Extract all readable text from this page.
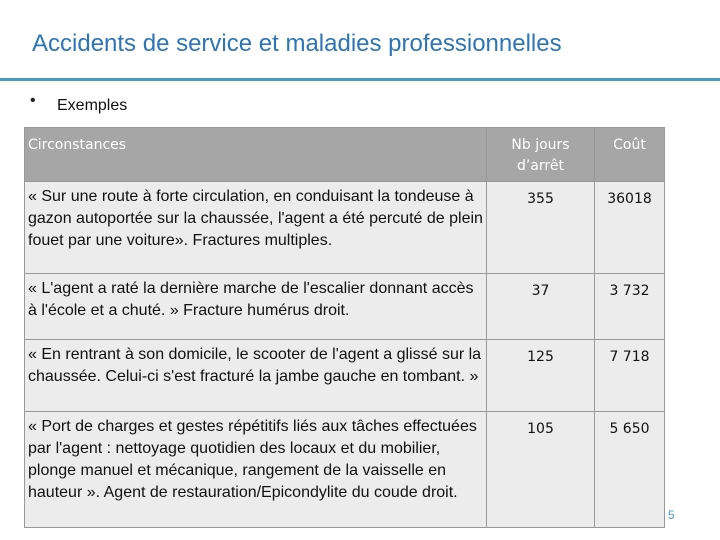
Accidents de service et maladies professionnelles
• Exemples
Circonstances	Nb jours d’arrêt	Coût
« Sur une route à forte circulation, en conduisant la tondeuse à gazon autoportée sur la chaussée, l'agent a été percuté de plein fouet par une voiture». Fractures multiples.	355	36018
« L'agent a raté la dernière marche de l'escalier donnant accès à l'école et a chuté. » Fracture humérus droit.	37	3 732
« En rentrant à son domicile, le scooter de l'agent a glissé sur la chaussée. Celui-ci s'est fracturé la jambe gauche en tombant. »	125	7 718
« Port de charges et gestes répétitifs liés aux tâches effectuées par l'agent : nettoyage quotidien des locaux et du mobilier, plonge manuel et mécanique, rangement de la vaisselle en hauteur ». Agent de restauration/Epicondylite du coude droit.	105	5 650
5
